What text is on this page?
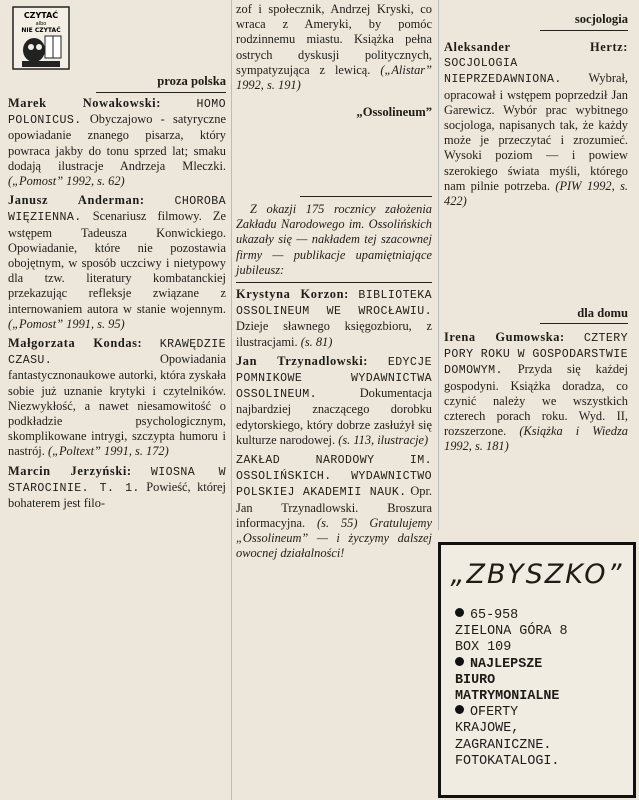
CZYTAĆ
albo
NIE CZYTAĆ
proza polska
Marek Nowakowski:	HOMO POLONICUS. Obyczajowo - satyryczne opowiadanie znanego pisarza, który powraca jakby do tonu sprzed lat; smaku dodają ilustracje Andrzeja Mleczki. („Pomost” 1992, s. 62)
Janusz Anderman:	CHOROBA WIĘZIENNA. Scenariusz filmowy. Ze wstępem Tadeusza Konwickiego. Opowiadanie, które nie pozostawia obojętnym, w sposób uczciwy i nietypowy dla tzw. literatury kombatanckiej przekazując refleksje związane z internowaniem autora w stanie wojennym. („Pomost” 1991, s. 95)
Małgorzata Kondas: KRAWĘDZIE CZASU.	Opowiadania fantastycznonaukowe autorki, która zyskała sobie już uznanie krytyki i czytelników. Niezwykłość, a nawet niesamowitość o podkładzie psychologicznym, skomplikowane intrygi, szczypta humoru i nastrój. („Poltext” 1991, s. 172)
Marcin Jerzyński: WIOSNA W STAROCINIE. T. 1. Powieść, której bohaterem jest filo-
zof i społecznik, Andrzej Kryski, co wraca z Ameryki, by pomóc rodzinnemu miastu. Książka pełna ostrych dyskusji politycznych, sympatyzująca z lewicą. („Alistar” 1992, s. 191)
„Ossolineum”
Z okazji 175 rocznicy założenia Zakładu Narodowego im. Ossolińskich ukazały się — nakładem tej szacownej firmy — publikacje upamiętniające jubileusz:
Krystyna Korzon: BIBLIOTEKA OSSOLINEUM WE WROCŁAWIU. Dzieje sławnego księgozbioru, z ilustracjami. (s. 81)
Jan Trzynadlowski: EDYCJE POMNIKOWE WYDAWNICTWA OSSOLINEUM.	Dokumentacja najbardziej znaczącego dorobku edytorskiego, który dobrze zasłużył się kulturze narodowej. (s. 113, ilustracje)
ZAKŁAD NARODOWY IM. OSSOLIŃSKICH. WYDAWNICTWO POLSKIEJ AKADEMII NAUK. Opr. Jan Trzynadlowski. Broszura informacyjna. (s. 55) Gratulujemy „Ossolineum” — i życzymy dalszej owocnej działalności!
socjologia
Aleksander Hertz: SOCJOLOGIA NIEPRZEDAWNIONA. Wybrał, opracował i wstępem poprzedził Jan Garewicz. Wybór prac wybitnego socjologa, napisanych tak, że każdy może je przeczytać i zrozumieć. Wysoki poziom — i powiew szerokiego świata myśli, którego nam pilnie potrzeba. (PIW 1992, s. 422)
dla domu
Irena Gumowska: CZTERY PORY ROKU W GOSPODARSTWIE DOMOWYM. Przyda się każdej gospodyni. Książka doradza, co czynić należy we wszystkich czterech porach roku. Wyd. II, rozszerzone. (Książka i Wiedza 1992, s. 181)
„ZBYSZKO”
65-958
ZIELONA GÓRA 8
BOX 109
NAJLEPSZE
BIURO
MATRYMONIALNE
OFERTY
KRAJOWE,
ZAGRANICZNE.
FOTOKATALOGI.
